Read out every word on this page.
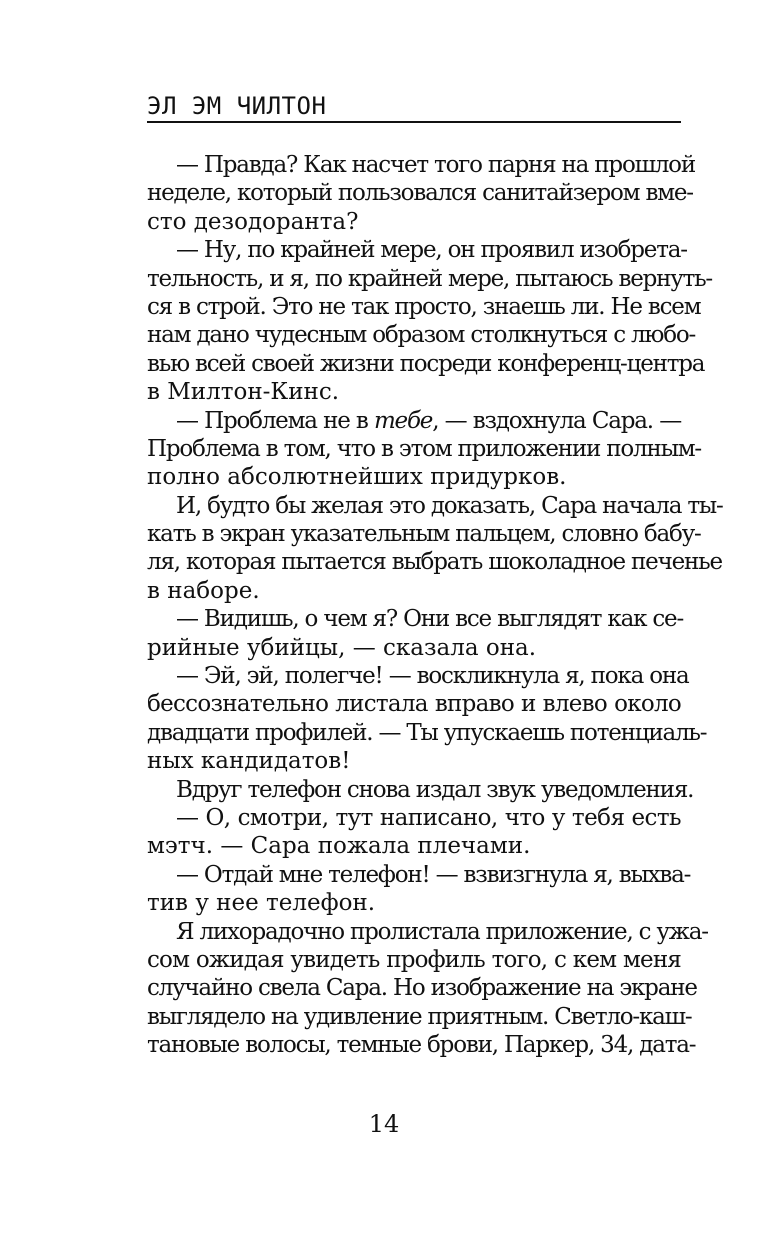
ЭЛ ЭМ ЧИЛТОН
— Правда? Как насчет того парня на прошлой
неделе, который пользовался санитайзером вме-
сто дезодоранта?
— Ну, по крайней мере, он проявил изобрета-
тельность, и я, по крайней мере, пытаюсь вернуть-
ся в строй. Это не так просто, знаешь ли. Не всем
нам дано чудесным образом столкнуться с любо-
вью всей своей жизни посреди конференц-центра
в Милтон-Кинс.
— Проблема не в тебе, — вздохнула Сара. —
Проблема в том, что в этом приложении полным-
полно абсолютнейших придурков.
И, будто бы желая это доказать, Сара начала ты-
кать в экран указательным пальцем, словно бабу-
ля, которая пытается выбрать шоколадное печенье
в наборе.
— Видишь, о чем я? Они все выглядят как се-
рийные убийцы, — сказала она.
— Эй, эй, полегче! — воскликнула я, пока она
бессознательно листала вправо и влево около
двадцати профилей. — Ты упускаешь потенциаль-
ных кандидатов!
Вдруг телефон снова издал звук уведомления.
— О, смотри, тут написано, что у тебя есть
мэтч. — Сара пожала плечами.
— Отдай мне телефон! — взвизгнула я, выхва-
тив у нее телефон.
Я лихорадочно пролистала приложение, с ужа-
сом ожидая увидеть профиль того, с кем меня
случайно свела Сара. Но изображение на экране
выглядело на удивление приятным. Светло-каш-
тановые волосы, темные брови, Паркер, 34, дата-
14
